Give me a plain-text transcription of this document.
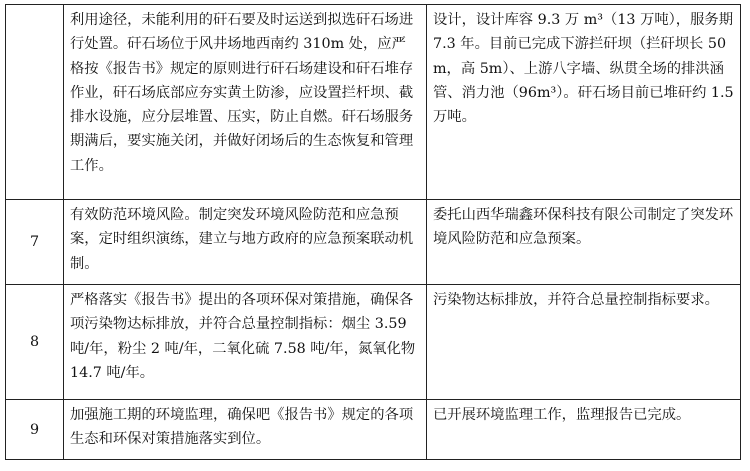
	利用途径，未能利用的矸石要及时运送到拟选矸石场进行处置。矸石场位于风井场地西南约 310m 处，应严格按《报告书》规定的原则进行矸石场建设和矸石堆存作业，矸石场底部应夯实黄土防渗，应设置拦杆坝、截排水设施，应分层堆置、压实，防止自燃。矸石场服务期满后，要实施关闭，并做好闭场后的生态恢复和管理工作。	设计，设计库容 9.3 万 m³（13 万吨），服务期 7.3 年。目前已完成下游拦矸坝（拦矸坝长 50m，高 5m）、上游八字墙、纵贯全场的排洪涵管、消力池（96m³）。矸石场目前已堆矸约 1.5 万吨。
7	有效防范环境风险。制定突发环境风险防范和应急预案，定时组织演练，建立与地方政府的应急预案联动机制。	委托山西华瑞鑫环保科技有限公司制定了突发环境风险防范和应急预案。
8	严格落实《报告书》提出的各项环保对策措施，确保各项污染物达标排放，并符合总量控制指标：烟尘 3.59 吨/年，粉尘 2 吨/年，二氧化硫 7.58 吨/年，氮氧化物 14.7 吨/年。	污染物达标排放，并符合总量控制指标要求。
9	加强施工期的环境监理，确保吧《报告书》规定的各项生态和环保对策措施落实到位。	已开展环境监理工作，监理报告已完成。
